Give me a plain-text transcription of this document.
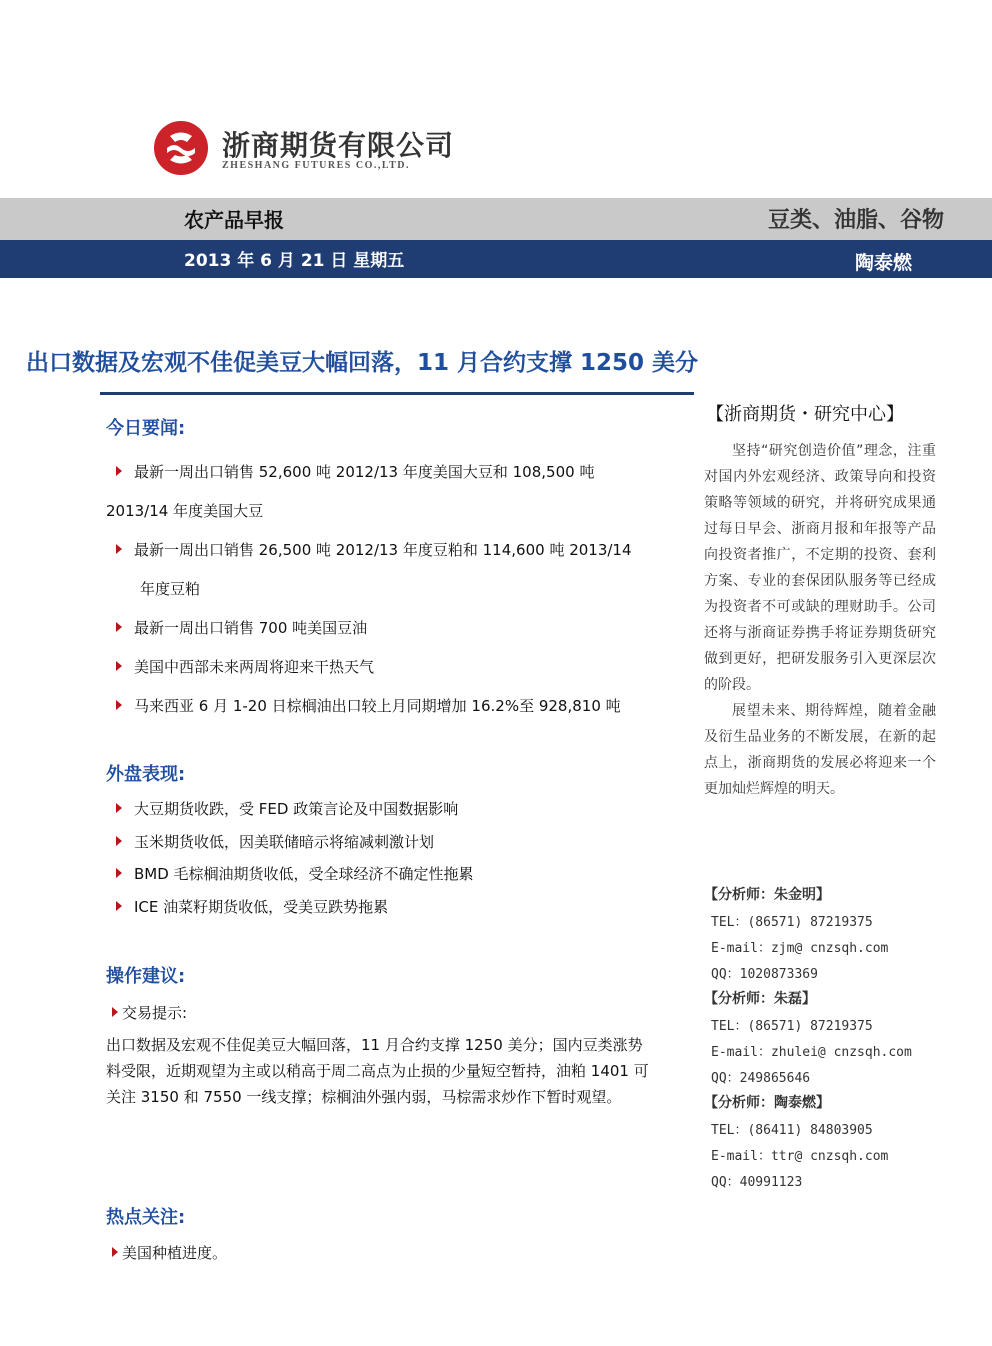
浙商期货有限公司
ZHESHANG FUTURES CO.,LTD.
农产品早报	豆类、油脂、谷物
2013 年 6 月 21 日 星期五	陶泰燃
出口数据及宏观不佳促美豆大幅回落，11 月合约支撑 1250 美分
今日要闻:
最新一周出口销售 52,600 吨 2012/13 年度美国大豆和 108,500 吨
2013/14 年度美国大豆
最新一周出口销售 26,500 吨 2012/13 年度豆粕和 114,600 吨 2013/14
年度豆粕
最新一周出口销售 700 吨美国豆油
美国中西部未来两周将迎来干热天气
马来西亚 6 月 1-20 日棕榈油出口较上月同期增加 16.2%至 928,810 吨
外盘表现:
大豆期货收跌，受 FED 政策言论及中国数据影响
玉米期货收低，因美联储暗示将缩减刺激计划
BMD 毛棕榈油期货收低，受全球经济不确定性拖累
ICE 油菜籽期货收低，受美豆跌势拖累
操作建议:
交易提示:
出口数据及宏观不佳促美豆大幅回落，11 月合约支撑 1250 美分；国内豆类涨势料受限，近期观望为主或以稍高于周二高点为止损的少量短空暂持，油粕 1401 可关注 3150 和 7550 一线支撑；棕榈油外强内弱，马棕需求炒作下暂时观望。
热点关注:
美国种植进度。
【浙商期货・研究中心】
坚持“研究创造价值”理念，注重对国内外宏观经济、政策导向和投资策略等领域的研究，并将研究成果通过每日早会、浙商月报和年报等产品向投资者推广，不定期的投资、套利方案、专业的套保团队服务等已经成为投资者不可或缺的理财助手。公司还将与浙商证券携手将证券期货研究做到更好，把研发服务引入更深层次的阶段。
展望未来、期待辉煌，随着金融及衍生品业务的不断发展，在新的起点上，浙商期货的发展必将迎来一个更加灿烂辉煌的明天。
【分析师：朱金明】
TEL：(86571) 87219375
E-mail：zjm@ cnzsqh.com
QQ：1020873369
【分析师：朱磊】
TEL：(86571) 87219375
E-mail：zhulei@ cnzsqh.com
QQ：249865646
【分析师：陶泰燃】
TEL：(86411) 84803905
E-mail：ttr@ cnzsqh.com
QQ：40991123
